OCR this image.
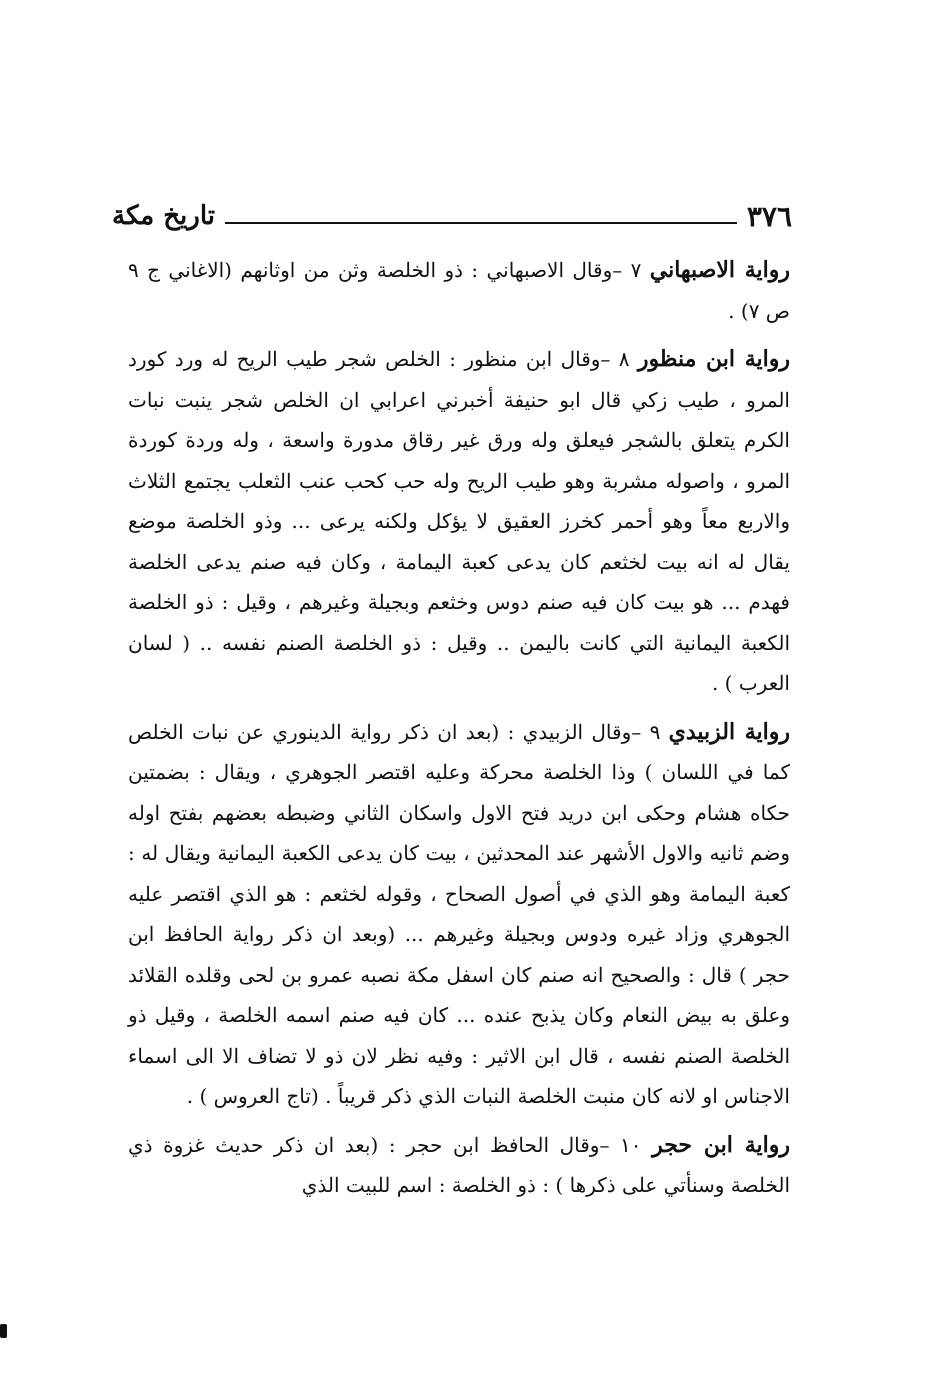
٣٧٦
تاريخ مكة

رواية الاصبهاني ٧ –وقال الاصبهاني : ذو الخلصة وثن من اوثانهم (الاغاني ج ٩ ص ٧) .

رواية ابن منظور ٨ –وقال ابن منظور : الخلص شجر طيب الريح له ورد كورد المرو ، طيب زكي قال ابو حنيفة أخبرني اعرابي ان الخلص شجر ينبت نبات الكرم يتعلق بالشجر فيعلق وله ورق غير رقاق مدورة واسعة ، وله وردة كوردة المرو ، واصوله مشربة وهو طيب الريح وله حب كحب عنب الثعلب يجتمع الثلاث والاربع معاً وهو أحمر كخرز العقيق لا يؤكل ولكنه يرعى ... وذو الخلصة موضع يقال له انه بيت لخثعم كان يدعى كعبة اليمامة ، وكان فيه صنم يدعى الخلصة فهدم ... هو بيت كان فيه صنم دوس وخثعم وبجيلة وغيرهم ، وقيل : ذو الخلصة الكعبة اليمانية التي كانت باليمن .. وقيل : ذو الخلصة الصنم نفسه .. ( لسان العرب ) .

رواية الزبيدي ٩ –وقال الزبيدي : (بعد ان ذكر رواية الدينوري عن نبات الخلص كما في اللسان ) وذا الخلصة محركة وعليه اقتصر الجوهري ، ويقال : بضمتين حكاه هشام وحكى ابن دريد فتح الاول واسكان الثاني وضبطه بعضهم بفتح اوله وضم ثانيه والاول الأشهر عند المحدثين ، بيت كان يدعى الكعبة اليمانية ويقال له : كعبة اليمامة وهو الذي في أصول الصحاح ، وقوله لخثعم : هو الذي اقتصر عليه الجوهري وزاد غيره ودوس وبجيلة وغيرهم ... (وبعد ان ذكر رواية الحافظ ابن حجر ) قال : والصحيح انه صنم كان اسفل مكة نصبه عمرو بن لحى وقلده القلائد وعلق به بيض النعام وكان يذبح عنده ... كان فيه صنم اسمه الخلصة ، وقيل ذو الخلصة الصنم نفسه ، قال ابن الاثير : وفيه نظر لان ذو لا تضاف الا الى اسماء الاجناس او لانه كان منبت الخلصة النبات الذي ذكر قريباً . (تاج العروس ) .

رواية ابن حجر ١٠ –وقال الحافظ ابن حجر : (بعد ان ذكر حديث غزوة ذي الخلصة وسنأتي على ذكرها ) : ذو الخلصة : اسم للبيت الذي
